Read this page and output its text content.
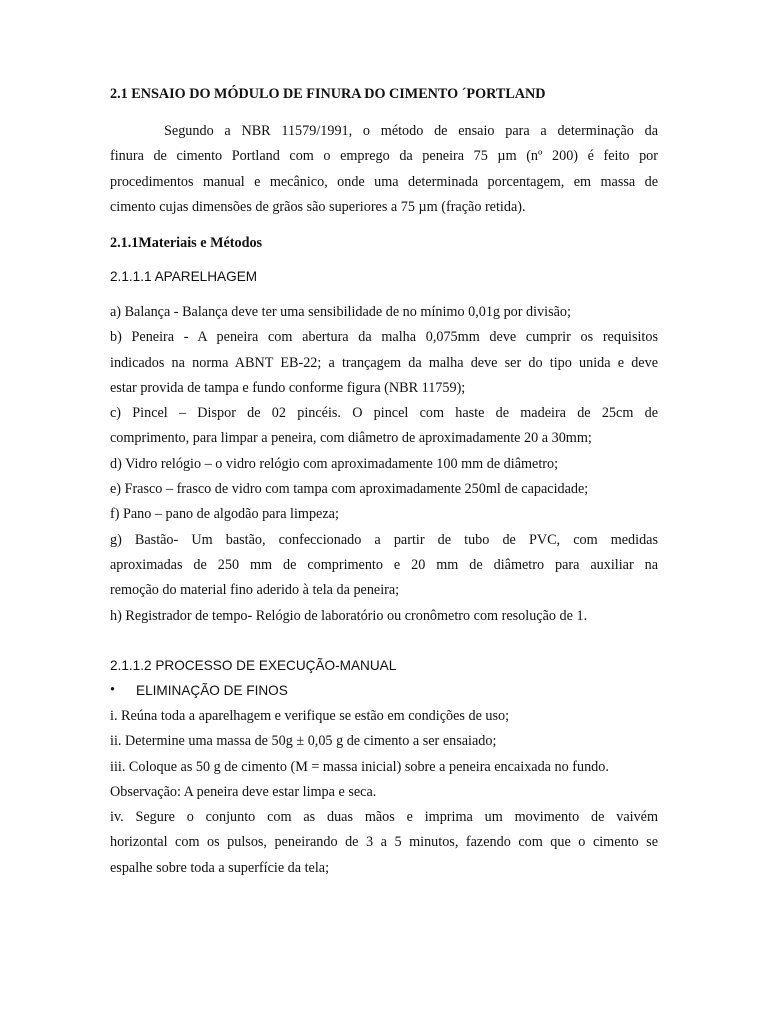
2.1 ENSAIO DO MÓDULO DE FINURA DO CIMENTO ´PORTLAND
Segundo a NBR 11579/1991, o método de ensaio para a determinação da
finura de cimento Portland com o emprego da peneira 75 µm (nº 200) é feito por
procedimentos manual e mecânico, onde uma determinada porcentagem, em massa de
cimento cujas dimensões de grãos são superiores a 75 µm (fração retida).
2.1.1Materiais e Métodos
2.1.1.1 APARELHAGEM
a) Balança - Balança deve ter uma sensibilidade de no mínimo 0,01g por divisão;
b) Peneira - A peneira com abertura da malha 0,075mm deve cumprir os requisitos
indicados na norma ABNT EB-22; a trançagem da malha deve ser do tipo unida e deve
estar provida de tampa e fundo conforme figura (NBR 11759);
c) Pincel – Dispor de 02 pincéis. O pincel com haste de madeira de 25cm de
comprimento, para limpar a peneira, com diâmetro de aproximadamente 20 a 30mm;
d) Vidro relógio – o vidro relógio com aproximadamente 100 mm de diâmetro;
e) Frasco – frasco de vidro com tampa com aproximadamente 250ml de capacidade;
f) Pano – pano de algodão para limpeza;
g) Bastão- Um bastão, confeccionado a partir de tubo de PVC, com medidas
aproximadas de 250 mm de comprimento e 20 mm de diâmetro para auxiliar na
remoção do material fino aderido à tela da peneira;
h) Registrador de tempo- Relógio de laboratório ou cronômetro com resolução de 1.
2.1.1.2 PROCESSO DE EXECUÇÃO-MANUAL
•	ELIMINAÇÃO DE FINOS
i. Reúna toda a aparelhagem e verifique se estão em condições de uso;
ii. Determine uma massa de 50g ± 0,05 g de cimento a ser ensaiado;
iii. Coloque as 50 g de cimento (M = massa inicial) sobre a peneira encaixada no fundo.
Observação: A peneira deve estar limpa e seca.
iv. Segure o conjunto com as duas mãos e imprima um movimento de vaivém
horizontal com os pulsos, peneirando de 3 a 5 minutos, fazendo com que o cimento se
espalhe sobre toda a superfície da tela;
